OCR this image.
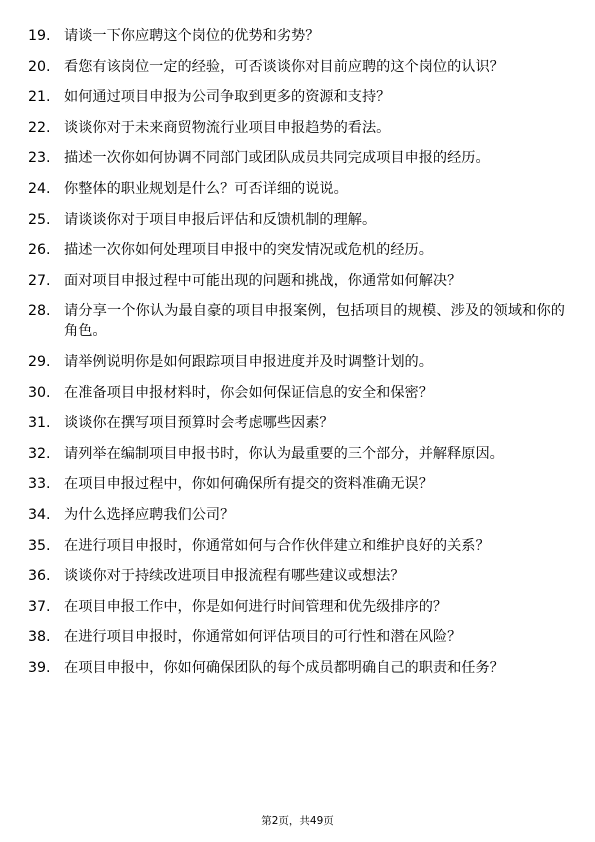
19. 请谈一下你应聘这个岗位的优势和劣势？
20. 看您有该岗位一定的经验，可否谈谈你对目前应聘的这个岗位的认识？
21. 如何通过项目申报为公司争取到更多的资源和支持？
22. 谈谈你对于未来商贸物流行业项目申报趋势的看法。
23. 描述一次你如何协调不同部门或团队成员共同完成项目申报的经历。
24. 你整体的职业规划是什么？可否详细的说说。
25. 请谈谈你对于项目申报后评估和反馈机制的理解。
26. 描述一次你如何处理项目申报中的突发情况或危机的经历。
27. 面对项目申报过程中可能出现的问题和挑战，你通常如何解决？
28. 请分享一个你认为最自豪的项目申报案例，包括项目的规模、涉及的领域和你的角色。
29. 请举例说明你是如何跟踪项目申报进度并及时调整计划的。
30. 在准备项目申报材料时，你会如何保证信息的安全和保密？
31. 谈谈你在撰写项目预算时会考虑哪些因素？
32. 请列举在编制项目申报书时，你认为最重要的三个部分，并解释原因。
33. 在项目申报过程中，你如何确保所有提交的资料准确无误？
34. 为什么选择应聘我们公司？
35. 在进行项目申报时，你通常如何与合作伙伴建立和维护良好的关系？
36. 谈谈你对于持续改进项目申报流程有哪些建议或想法？
37. 在项目申报工作中，你是如何进行时间管理和优先级排序的？
38. 在进行项目申报时，你通常如何评估项目的可行性和潜在风险？
39. 在项目申报中，你如何确保团队的每个成员都明确自己的职责和任务？
第2页，共49页
